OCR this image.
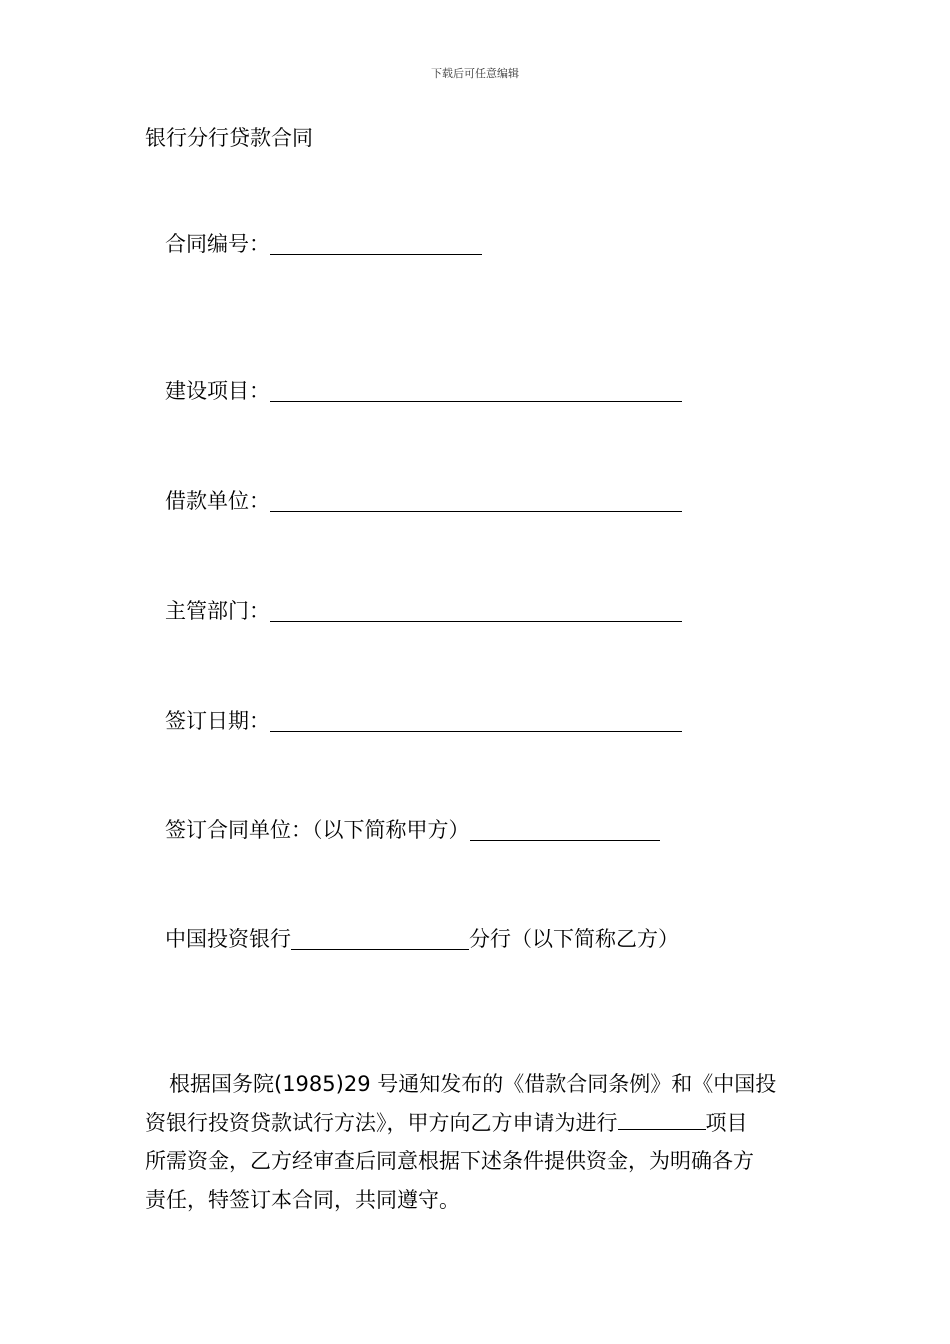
下载后可任意编辑
银行分行贷款合同
合同编号：
建设项目：
借款单位：
主管部门：
签订日期：
签订合同单位：（以下简称甲方）
中国投资银行	分行（以下简称乙方）
根据国务院(1985)29 号通知发布的《借款合同条例》和《中国投
资银行投资贷款试行方法》，甲方向乙方申请为进行	项目
所需资金，乙方经审查后同意根据下述条件提供资金，为明确各方
责任，特签订本合同，共同遵守。
